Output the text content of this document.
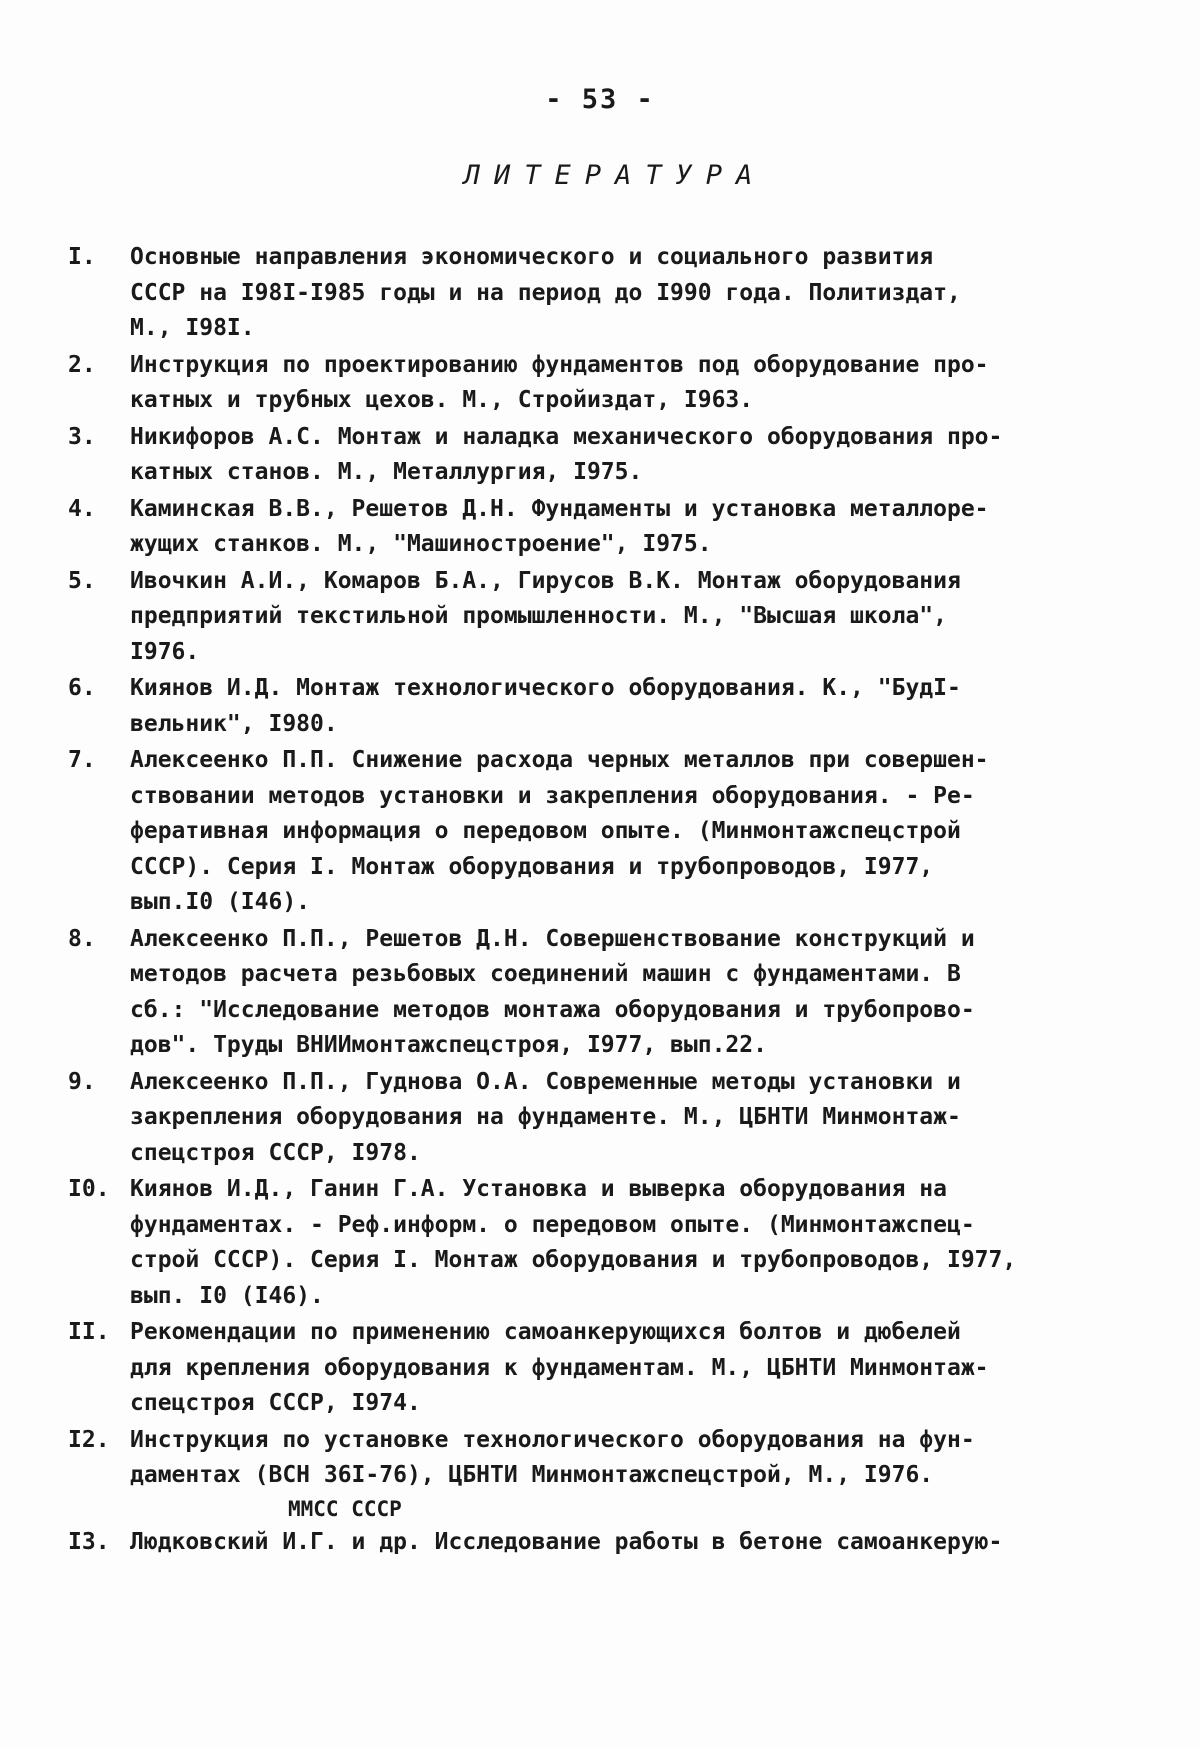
- 53 -
ЛИТЕРАТУРА
I.	Основные направления экономического и социального развития
СССР на I98I-I985 годы и на период до I990 года. Политиздат,
М., I98I.
2.	Инструкция по проектированию фундаментов под оборудование про-
катных и трубных цехов. М., Стройиздат, I963.
3.	Никифоров А.С. Монтаж и наладка механического оборудования про-
катных станов. М., Металлургия, I975.
4.	Каминская В.В., Решетов Д.Н. Фундаменты и установка металлоре-
жущих станков. М., "Машиностроение", I975.
5.	Ивочкин А.И., Комаров Б.А., Гирусов В.К. Монтаж оборудования
предприятий текстильной промышленности. М., "Высшая школа",
I976.
6.	Киянов И.Д. Монтаж технологического оборудования. К., "БудІ-
вельник", I980.
7.	Алексеенко П.П. Снижение расхода черных металлов при совершен-
ствовании методов установки и закрепления оборудования. - Ре-
феративная информация о передовом опыте. (Минмонтажспецстрой
СССР). Серия I. Монтаж оборудования и трубопроводов, I977,
вып.I0 (I46).
8.	Алексеенко П.П., Решетов Д.Н. Совершенствование конструкций и
методов расчета резьбовых соединений машин с фундаментами. В
сб.: "Исследование методов монтажа оборудования и трубопрово-
дов". Труды ВНИИмонтажспецстроя, I977, вып.22.
9.	Алексеенко П.П., Гуднова О.А. Современные методы установки и
закрепления оборудования на фундаменте. М., ЦБНТИ Минмонтаж-
спецстроя СССР, I978.
I0. Киянов И.Д., Ганин Г.А. Установка и выверка оборудования на
фундаментах. - Реф.информ. о передовом опыте. (Минмонтажспец-
строй СССР). Серия I. Монтаж оборудования и трубопроводов, I977,
вып. I0 (I46).
II. Рекомендации по применению самоанкерующихся болтов и дюбелей
для крепления оборудования к фундаментам. М., ЦБНТИ Минмонтаж-
спецстроя СССР, I974.
I2. Инструкция по установке технологического оборудования на фун-
даментах (ВСН 36I-76), ЦБНТИ Минмонтажспецстрой, М., I976.
ММСС СССР
I3. Людковский И.Г. и др. Исследование работы в бетоне самоанкерую-
